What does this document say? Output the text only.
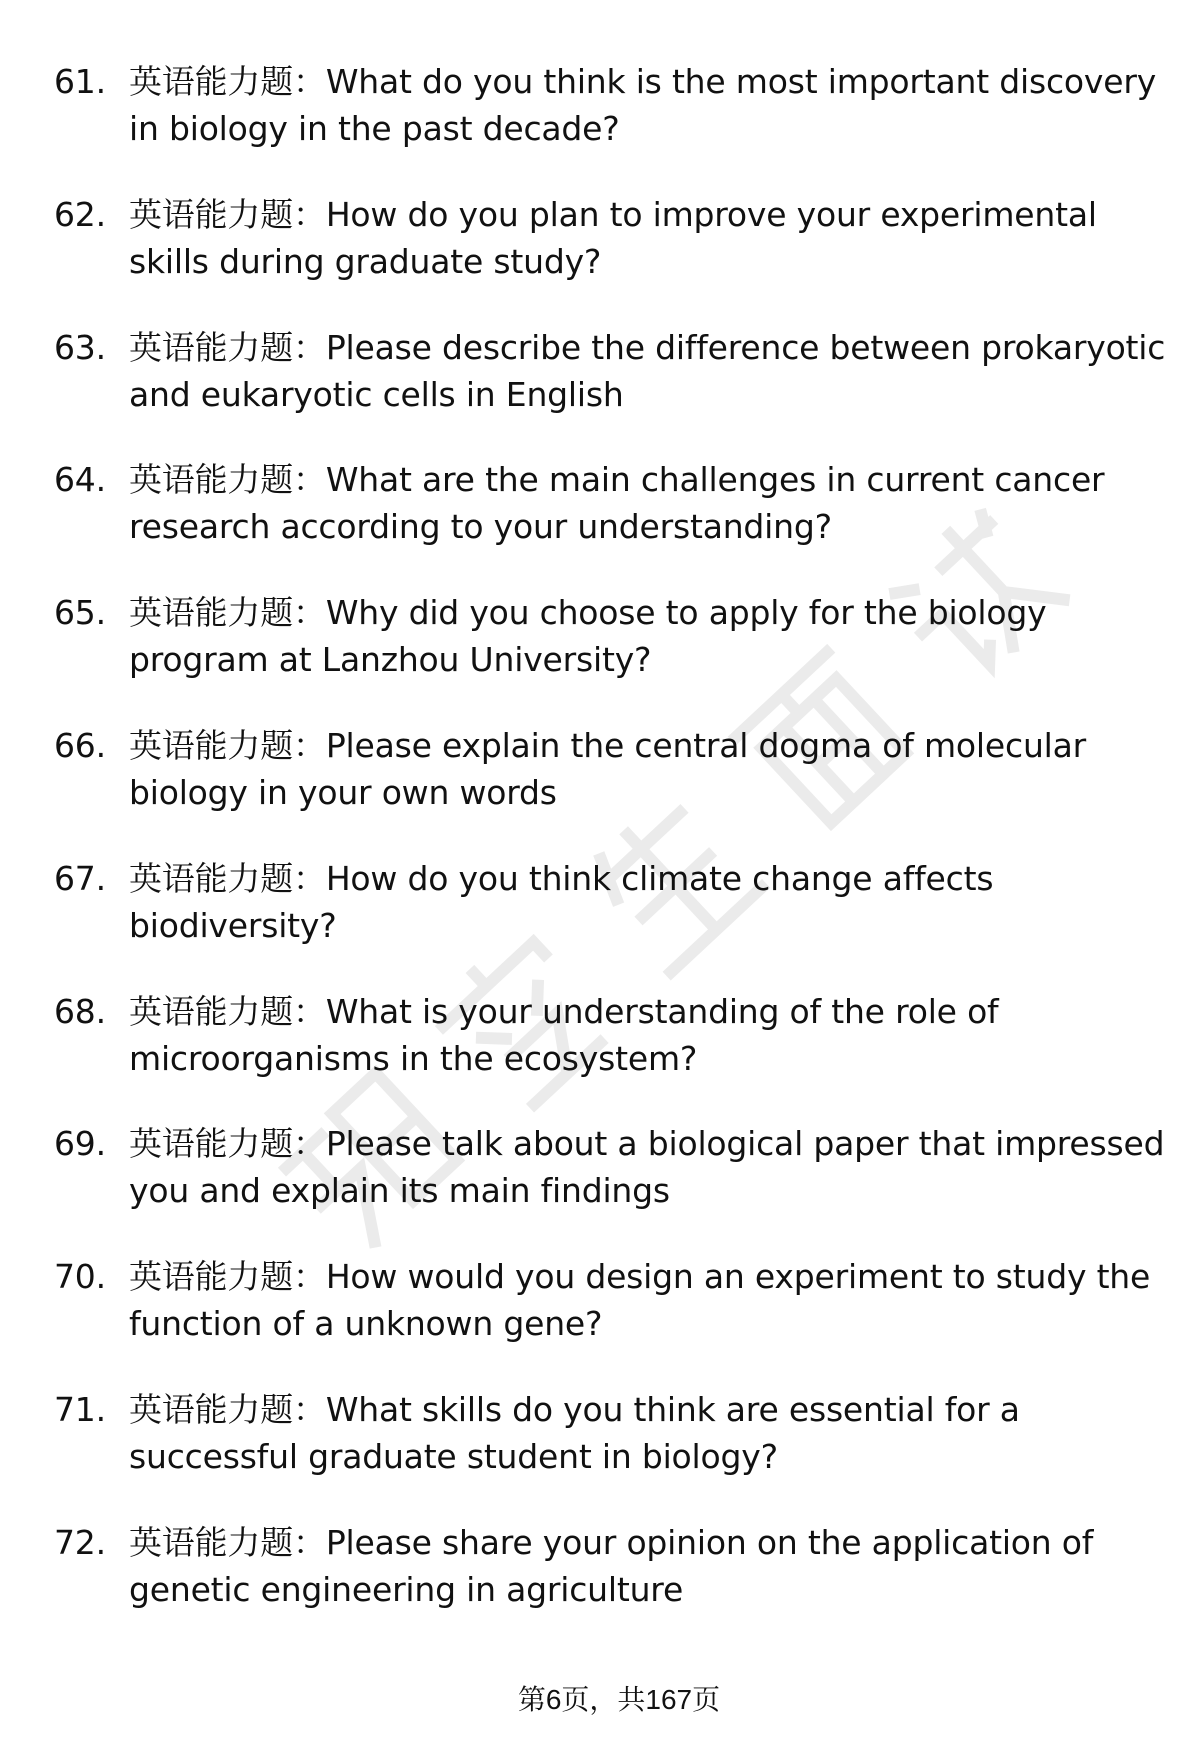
61. 英语能力题：What do you think is the most important discovery in biology in the past decade?
62. 英语能力题：How do you plan to improve your experimental skills during graduate study?
63. 英语能力题：Please describe the difference between prokaryotic and eukaryotic cells in English
64. 英语能力题：What are the main challenges in current cancer research according to your understanding?
65. 英语能力题：Why did you choose to apply for the biology program at Lanzhou University?
66. 英语能力题：Please explain the central dogma of molecular biology in your own words
67. 英语能力题：How do you think climate change affects biodiversity?
68. 英语能力题：What is your understanding of the role of microorganisms in the ecosystem?
69. 英语能力题：Please talk about a biological paper that impressed you and explain its main findings
70. 英语能力题：How would you design an experiment to study the function of a unknown gene?
71. 英语能力题：What skills do you think are essential for a successful graduate student in biology?
72. 英语能力题：Please share your opinion on the application of genetic engineering in agriculture
第6页，共167页
